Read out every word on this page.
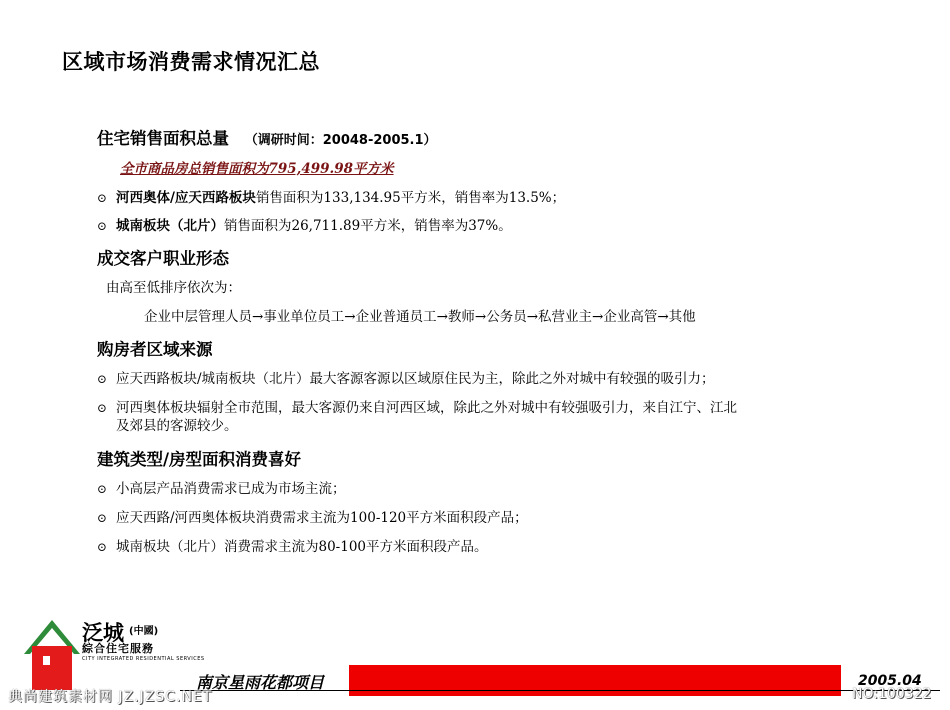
区域市场消费需求情况汇总
住宅销售面积总量 （调研时间：20048-2005.1）
全市商品房总销售面积为795,499.98平方米
⊙ 河西奥体/应天西路板块销售面积为133,134.95平方米，销售率为13.5%；
⊙ 城南板块（北片）销售面积为26,711.89平方米，销售率为37%。
成交客户职业形态
由高至低排序依次为：
企业中层管理人员→事业单位员工→企业普通员工→教师→公务员→私营业主→企业高管→其他
购房者区域来源
⊙ 应天西路板块/城南板块（北片）最大客源客源以区域原住民为主，除此之外对城中有较强的吸引力；
⊙ 河西奥体板块辐射全市范围，最大客源仍来自河西区域，除此之外对城中有较强吸引力，来自江宁、江北
及郊县的客源较少。
建筑类型/房型面积消费喜好
⊙ 小高层产品消费需求已成为市场主流；
⊙ 应天西路/河西奥体板块消费需求主流为100-120平方米面积段产品；
⊙ 城南板块（北片）消费需求主流为80-100平方米面积段产品。
泛城 (中國)
綜合住宅服務
CITY INTEGRATED RESIDENTIAL SERVICES
南京星雨花都项目	2005.04
典尚建筑素材网 JZ.JZSC.NET	NO:100322
